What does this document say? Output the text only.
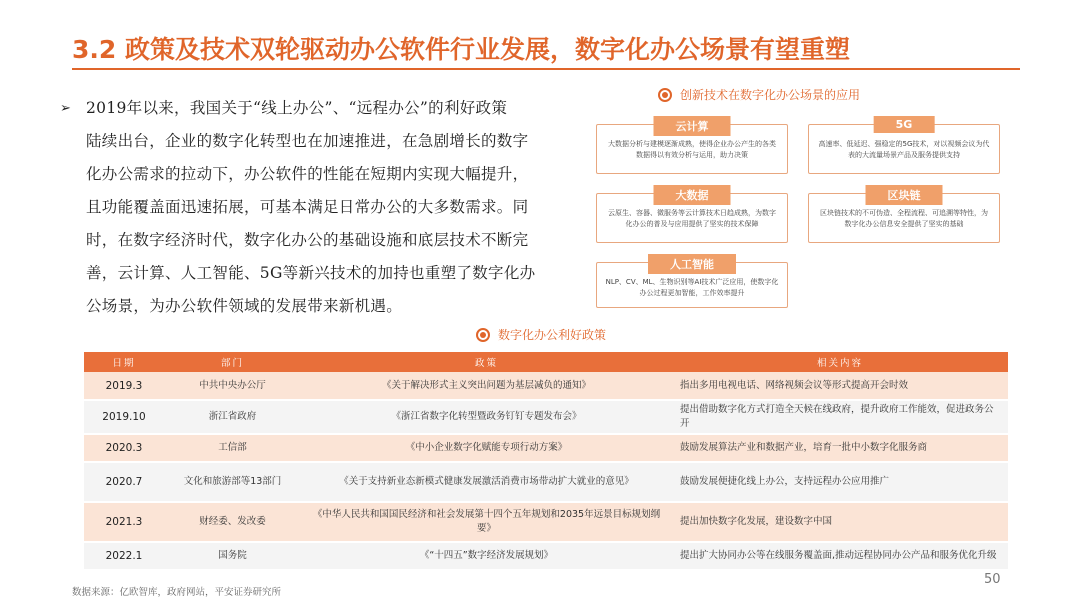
3.2 政策及技术双轮驱动办公软件行业发展，数字化办公场景有望重塑
➢ 2019年以来，我国关于“线上办公”、“远程办公”的利好政策
陆续出台，企业的数字化转型也在加速推进，在急剧增长的数字
化办公需求的拉动下，办公软件的性能在短期内实现大幅提升，
且功能覆盖面迅速拓展，可基本满足日常办公的大多数需求。同
时，在数字经济时代，数字化办公的基础设施和底层技术不断完
善，云计算、人工智能、5G等新兴技术的加持也重塑了数字化办
公场景，为办公软件领域的发展带来新机遇。
创新技术在数字化办公场景的应用
云计算
大数据分析与建模逐渐成熟，使得企业办公产生的各类数据得以有效分析与运用，助力决策
5G
高速率、低延迟、强稳定的5G技术，对以视频会议为代表的大流量场景产品及服务提供支持
大数据
云原生、容器、微服务等云计算技术日趋成熟，为数字化办公的普及与应用提供了坚实的技术保障
区块链
区块链技术的不可伪造、全程流程、可追溯等特性，为数字化办公信息安全提供了坚实的基础
人工智能
NLP、CV、ML、生物识别等AI技术广泛应用，使数字化办公过程更加智能，工作效率提升
数字化办公利好政策
日期	部门	政策	相关内容
2019.3	中共中央办公厅	《关于解决形式主义突出问题为基层减负的通知》	指出多用电视电话、网络视频会议等形式提高开会时效
2019.10	浙江省政府	《浙江省数字化转型暨政务钉钉专题发布会》	提出借助数字化方式打造全天候在线政府，提升政府工作能效，促进政务公开
2020.3	工信部	《中小企业数字化赋能专项行动方案》	鼓励发展算法产业和数据产业，培育一批中小数字化服务商
2020.7	文化和旅游部等13部门	《关于支持新业态新模式健康发展激活消费市场带动扩大就业的意见》	鼓励发展便捷化线上办公，支持远程办公应用推广
2021.3	财经委、发改委	《中华人民共和国国民经济和社会发展第十四个五年规划和2035年远景目标规划纲要》	提出加快数字化发展，建设数字中国
2022.1	国务院	《“十四五”数字经济发展规划》	提出扩大协同办公等在线服务覆盖面,推动远程协同办公产品和服务优化升级
数据来源：亿欧智库，政府网站，平安证券研究所
50
